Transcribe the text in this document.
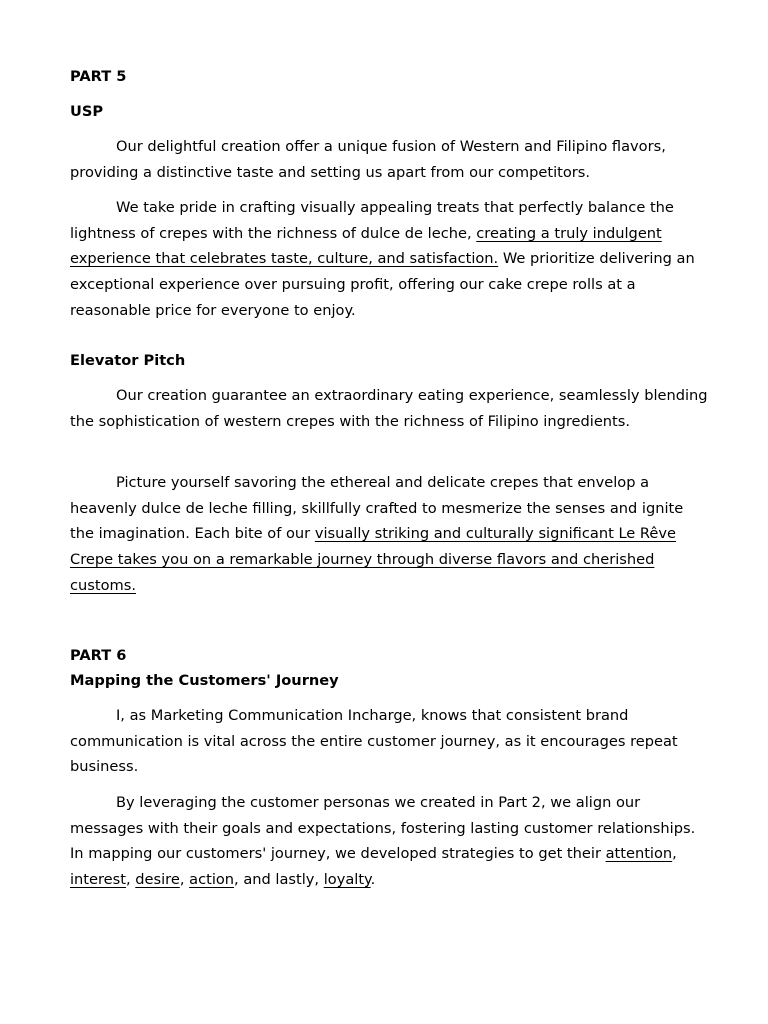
PART 5
USP

Our delightful creation offer a unique fusion of Western and Filipino flavors, providing a distinctive taste and setting us apart from our competitors.

We take pride in crafting visually appealing treats that perfectly balance the lightness of crepes with the richness of dulce de leche, creating a truly indulgent experience that celebrates taste, culture, and satisfaction. We prioritize delivering an exceptional experience over pursuing profit, offering our cake crepe rolls at a reasonable price for everyone to enjoy.

Elevator Pitch

Our creation guarantee an extraordinary eating experience, seamlessly blending the sophistication of western crepes with the richness of Filipino ingredients.

Picture yourself savoring the ethereal and delicate crepes that envelop a heavenly dulce de leche filling, skillfully crafted to mesmerize the senses and ignite the imagination. Each bite of our visually striking and culturally significant Le Rêve Crepe takes you on a remarkable journey through diverse flavors and cherished customs.

PART 6
Mapping the Customers' Journey

I, as Marketing Communication Incharge, knows that consistent brand communication is vital across the entire customer journey, as it encourages repeat business.

By leveraging the customer personas we created in Part 2, we align our messages with their goals and expectations, fostering lasting customer relationships. In mapping our customers' journey, we developed strategies to get their attention, interest, desire, action, and lastly, loyalty.
